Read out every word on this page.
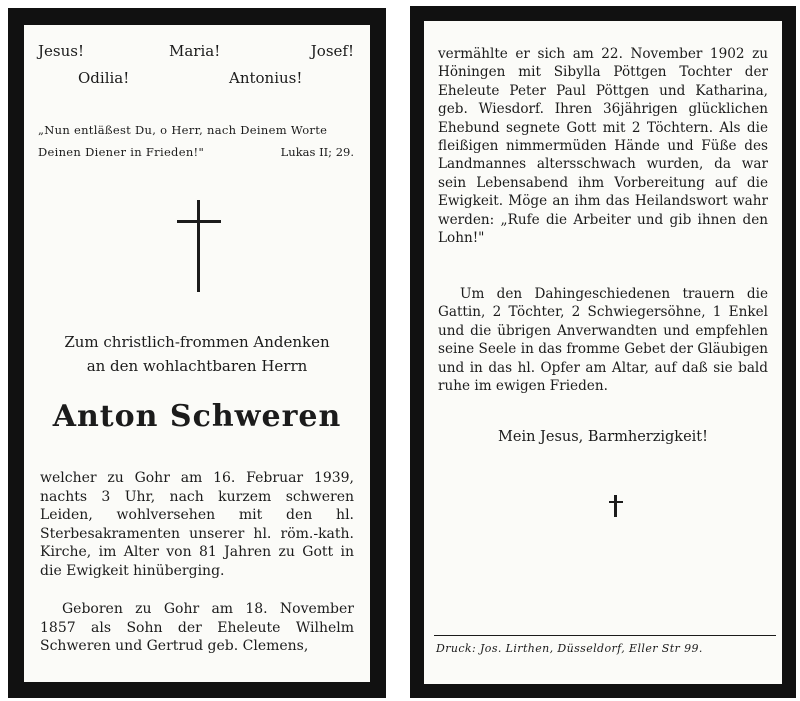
Jesus!	Maria!	Josef!
Odilia!	Antonius!
„Nun entläßest Du, o Herr, nach Deinem Worte
Deinen Diener in Frieden!"	Lukas II; 29.
Zum christlich-frommen Andenken
an den wohlachtbaren Herrn
Anton Schweren
welcher zu Gohr am 16. Februar 1939, nachts 3 Uhr, nach kurzem schweren Leiden, wohlversehen mit den hl. Sterbesakramenten unserer hl. röm.-kath. Kirche, im Alter von 81 Jahren zu Gott in die Ewigkeit hinüberging.
Geboren zu Gohr am 18. November 1857 als Sohn der Eheleute Wilhelm Schweren und Gertrud geb. Clemens,
vermählte er sich am 22. November 1902 zu Höningen mit Sibylla Pöttgen Tochter der Eheleute Peter Paul Pöttgen und Katharina, geb. Wiesdorf. Ihren 36jährigen glücklichen Ehebund segnete Gott mit 2 Töchtern. Als die fleißigen nimmermüden Hände und Füße des Landmannes altersschwach wurden, da war sein Lebensabend ihm Vorbereitung auf die Ewigkeit. Möge an ihm das Heilandswort wahr werden: „Rufe die Arbeiter und gib ihnen den Lohn!"
Um den Dahingeschiedenen trauern die Gattin, 2 Töchter, 2 Schwiegersöhne, 1 Enkel und die übrigen Anverwandten und empfehlen seine Seele in das fromme Gebet der Gläubigen und in das hl. Opfer am Altar, auf daß sie bald ruhe im ewigen Frieden.
Mein Jesus, Barmherzigkeit!
Druck: Jos. Lirthen, Düsseldorf, Eller Str 99.
